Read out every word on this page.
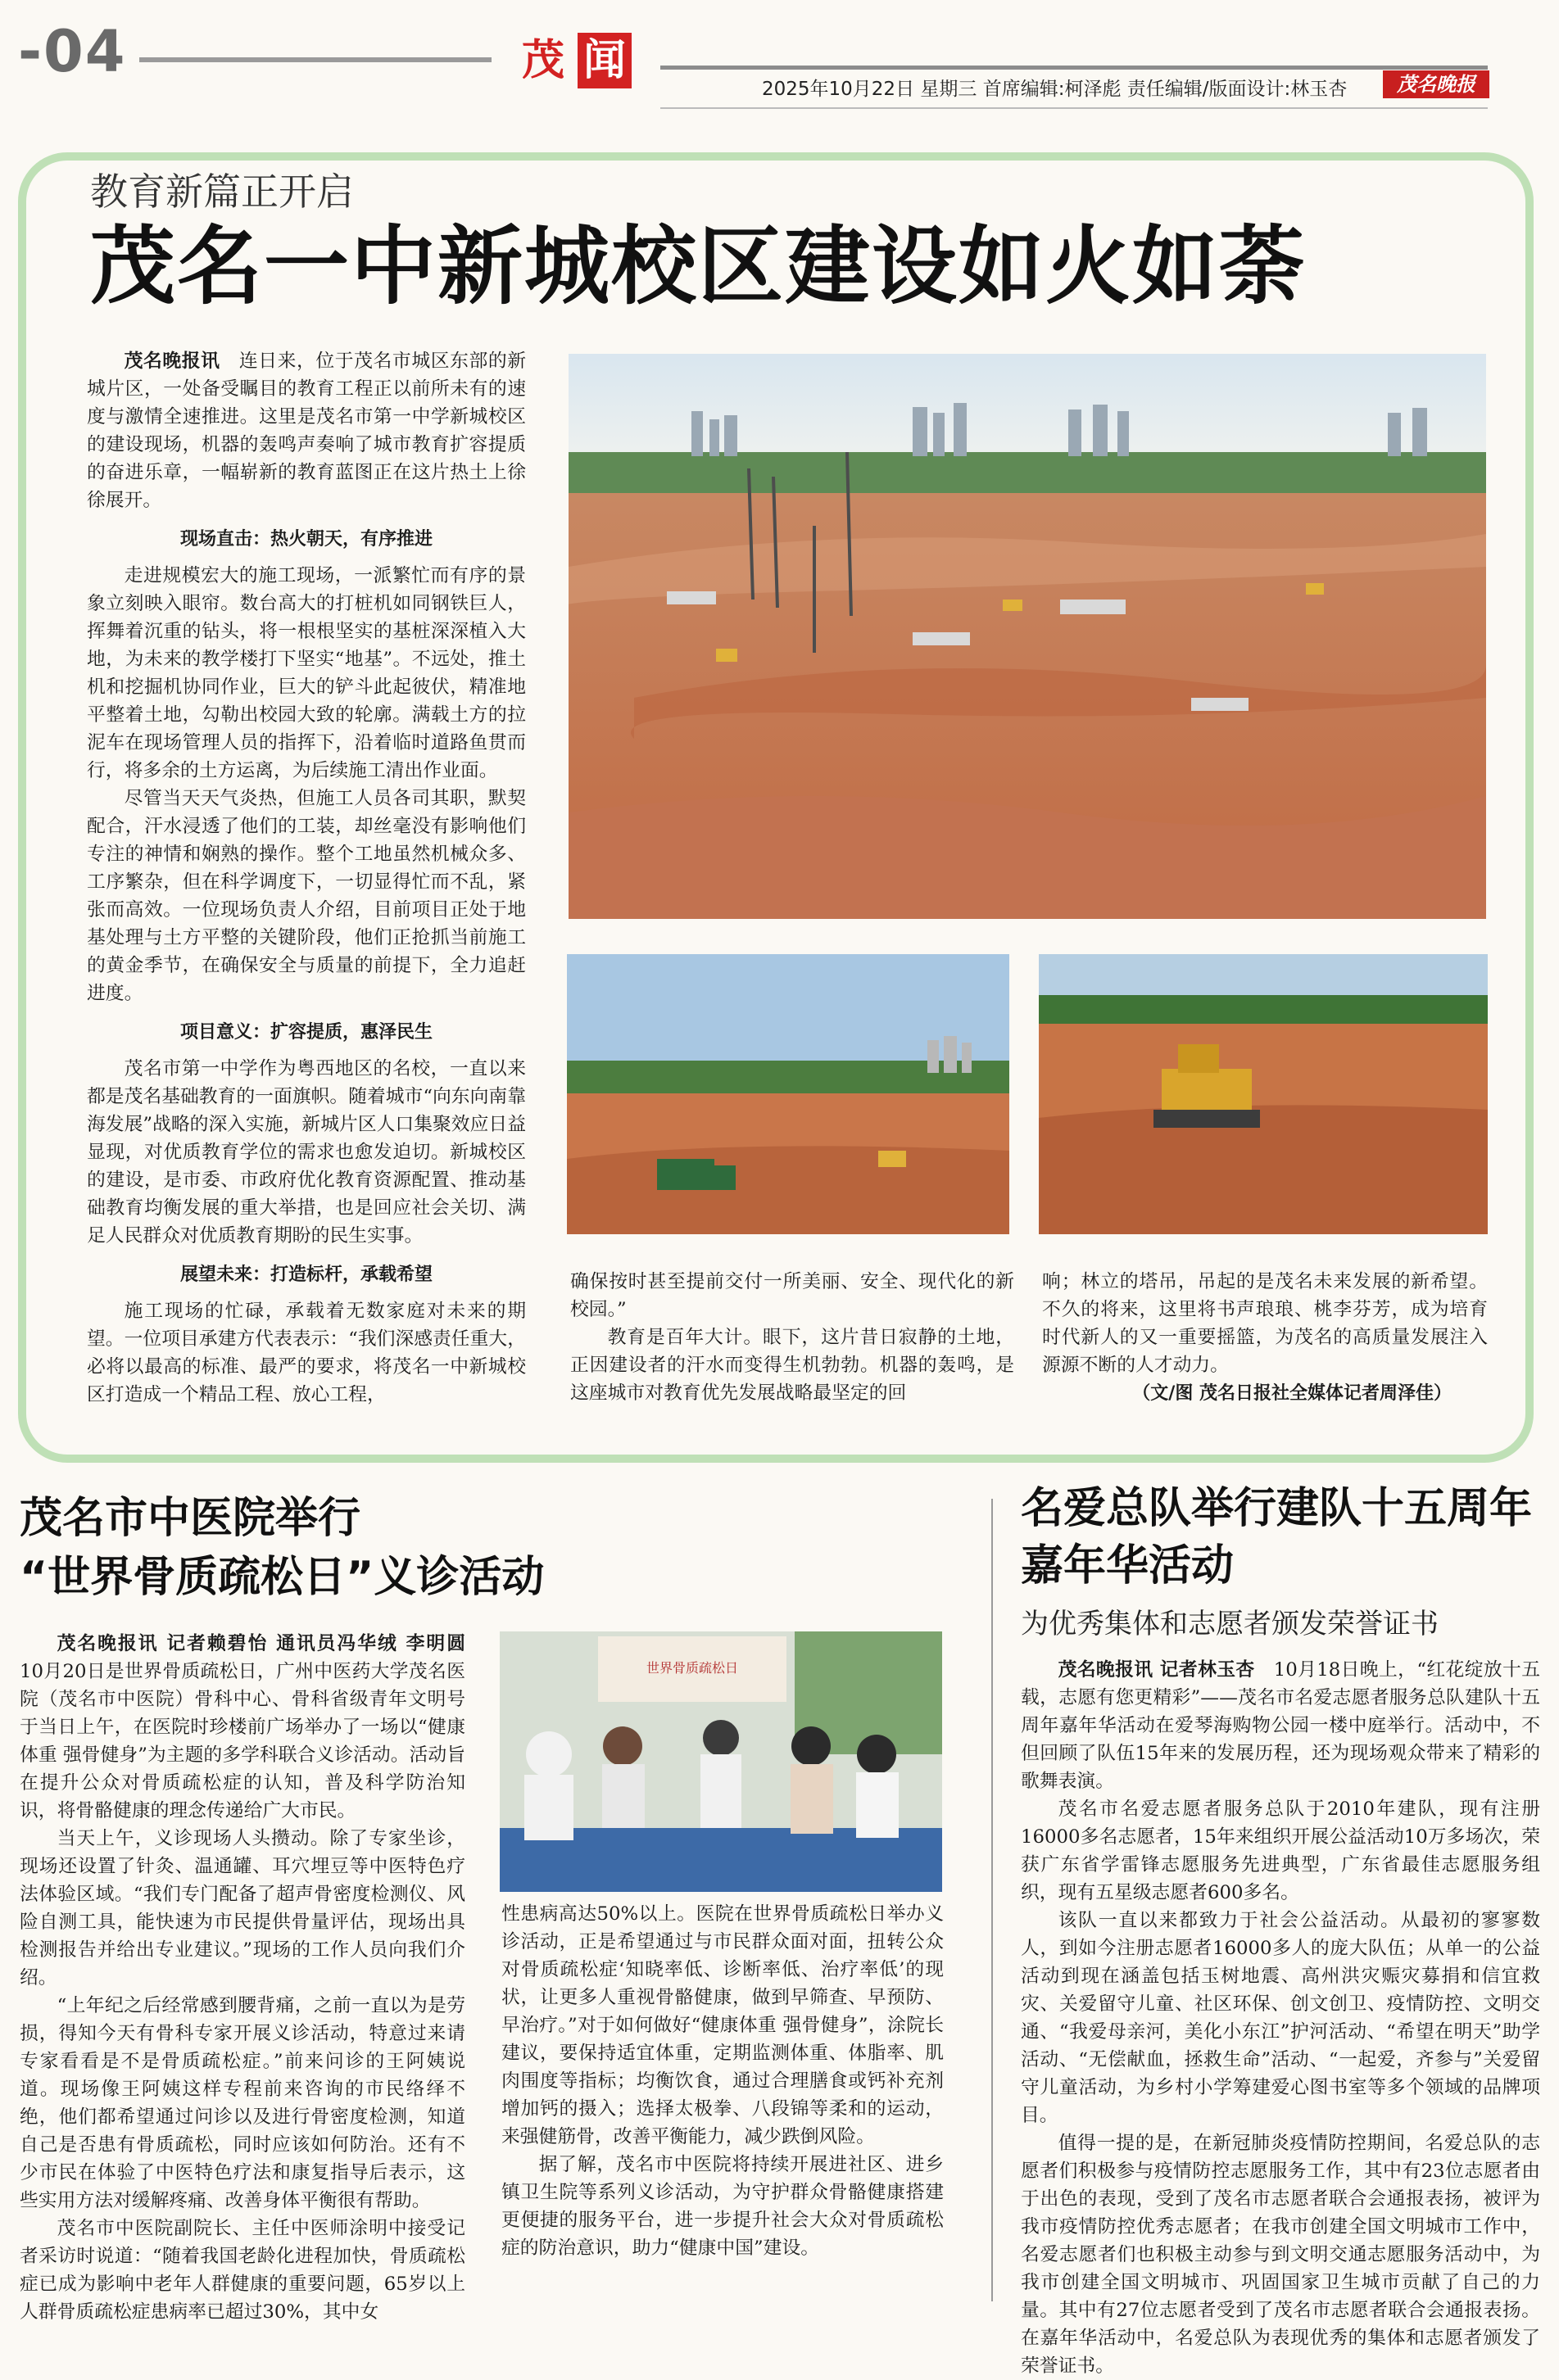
-04	茂 闻
2025年10月22日 星期三 首席编辑:柯泽彪 责任编辑/版面设计:林玉杏	茂名晚报
教育新篇正开启
茂名一中新城校区建设如火如荼

茂名晚报讯　 连日来，位于茂名市城区东部的新城片区，一处备受瞩目的教育工程正以前所未有的速度与激情全速推进。这里是茂名市第一中学新城校区的建设现场，机器的轰鸣声奏响了城市教育扩容提质的奋进乐章，一幅崭新的教育蓝图正在这片热土上徐徐展开。

现场直击：热火朝天，有序推进

走进规模宏大的施工现场，一派繁忙而有序的景象立刻映入眼帘。数台高大的打桩机如同钢铁巨人，挥舞着沉重的钻头，将一根根坚实的基桩深深植入大地，为未来的教学楼打下坚实“地基”。不远处，推土机和挖掘机协同作业，巨大的铲斗此起彼伏，精准地平整着土地，勾勒出校园大致的轮廓。满载土方的拉泥车在现场管理人员的指挥下，沿着临时道路鱼贯而行，将多余的土方运离，为后续施工清出作业面。

尽管当天天气炎热，但施工人员各司其职，默契配合，汗水浸透了他们的工装，却丝毫没有影响他们专注的神情和娴熟的操作。整个工地虽然机械众多、工序繁杂，但在科学调度下，一切显得忙而不乱，紧张而高效。一位现场负责人介绍，目前项目正处于地基处理与土方平整的关键阶段，他们正抢抓当前施工的黄金季节，在确保安全与质量的前提下，全力追赶进度。

项目意义：扩容提质，惠泽民生

茂名市第一中学作为粤西地区的名校，一直以来都是茂名基础教育的一面旗帜。随着城市“向东向南靠海发展”战略的深入实施，新城片区人口集聚效应日益显现，对优质教育学位的需求也愈发迫切。新城校区的建设，是市委、市政府优化教育资源配置、推动基础教育均衡发展的重大举措，也是回应社会关切、满足人民群众对优质教育期盼的民生实事。

展望未来：打造标杆，承载希望

施工现场的忙碌，承载着无数家庭对未来的期望。一位项目承建方代表表示：“我们深感责任重大，必将以最高的标准、最严的要求，将茂名一中新城校区打造成一个精品工程、放心工程，

确保按时甚至提前交付一所美丽、安全、现代化的新校园。”

教育是百年大计。眼下，这片昔日寂静的土地，正因建设者的汗水而变得生机勃勃。机器的轰鸣，是这座城市对教育优先发展战略最坚定的回

响；林立的塔吊，吊起的是茂名未来发展的新希望。不久的将来，这里将书声琅琅、桃李芬芳，成为培育时代新人的又一重要摇篮，为茂名的高质量发展注入源源不断的人才动力。

（文/图 茂名日报社全媒体记者周泽佳）
茂名市中医院举行
“世界骨质疏松日”义诊活动

茂名晚报讯 记者赖碧怡 通讯员冯华绒 李明圆　10月20日是世界骨质疏松日，广州中医药大学茂名医院（茂名市中医院）骨科中心、骨科省级青年文明号于当日上午，在医院时珍楼前广场举办了一场以“健康体重 强骨健身”为主题的多学科联合义诊活动。活动旨在提升公众对骨质疏松症的认知，普及科学防治知识，将骨骼健康的理念传递给广大市民。

当天上午，义诊现场人头攒动。除了专家坐诊，现场还设置了针灸、温通罐、耳穴埋豆等中医特色疗法体验区域。“我们专门配备了超声骨密度检测仪、风险自测工具，能快速为市民提供骨量评估，现场出具检测报告并给出专业建议。”现场的工作人员向我们介绍。

“上年纪之后经常感到腰背痛，之前一直以为是劳损，得知今天有骨科专家开展义诊活动，特意过来请专家看看是不是骨质疏松症。”前来问诊的王阿姨说道。现场像王阿姨这样专程前来咨询的市民络绎不绝，他们都希望通过问诊以及进行骨密度检测，知道自己是否患有骨质疏松，同时应该如何防治。还有不少市民在体验了中医特色疗法和康复指导后表示，这些实用方法对缓解疼痛、改善身体平衡很有帮助。

茂名市中医院副院长、主任中医师涂明中接受记者采访时说道：“随着我国老龄化进程加快，骨质疏松症已成为影响中老年人群健康的重要问题，65岁以上人群骨质疏松症患病率已超过30%，其中女

世界骨质疏松日

性患病高达50%以上。医院在世界骨质疏松日举办义诊活动，正是希望通过与市民群众面对面，扭转公众对骨质疏松症‘知晓率低、诊断率低、治疗率低’的现状，让更多人重视骨骼健康，做到早筛查、早预防、早治疗。”对于如何做好“健康体重 强骨健身”，涂院长建议，要保持适宜体重，定期监测体重、体脂率、肌肉围度等指标；均衡饮食，通过合理膳食或钙补充剂增加钙的摄入；选择太极拳、八段锦等柔和的运动，来强健筋骨，改善平衡能力，减少跌倒风险。

据了解，茂名市中医院将持续开展进社区、进乡镇卫生院等系列义诊活动，为守护群众骨骼健康搭建更便捷的服务平台，进一步提升社会大众对骨质疏松症的防治意识，助力“健康中国”建设。

名爱总队举行建队十五周年
嘉年华活动
为优秀集体和志愿者颁发荣誉证书

茂名晚报讯 记者林玉杏　 10月18日晚上，“红花绽放十五载，志愿有您更精彩”——茂名市名爱志愿者服务总队建队十五周年嘉年华活动在爱琴海购物公园一楼中庭举行。活动中，不但回顾了队伍15年来的发展历程，还为现场观众带来了精彩的歌舞表演。

茂名市名爱志愿者服务总队于2010年建队，现有注册16000多名志愿者，15年来组织开展公益活动10万多场次，荣获广东省学雷锋志愿服务先进典型，广东省最佳志愿服务组织，现有五星级志愿者600多名。

该队一直以来都致力于社会公益活动。从最初的寥寥数人，到如今注册志愿者16000多人的庞大队伍；从单一的公益活动到现在涵盖包括玉树地震、高州洪灾赈灾募捐和信宜救灾、关爱留守儿童、社区环保、创文创卫、疫情防控、文明交通、“我爱母亲河，美化小东江”护河活动、“希望在明天”助学活动、“无偿献血，拯救生命”活动、“一起爱，齐参与”关爱留守儿童活动，为乡村小学筹建爱心图书室等多个领域的品牌项目。

值得一提的是，在新冠肺炎疫情防控期间，名爱总队的志愿者们积极参与疫情防控志愿服务工作，其中有23位志愿者由于出色的表现，受到了茂名市志愿者联合会通报表扬，被评为我市疫情防控优秀志愿者；在我市创建全国文明城市工作中，名爱志愿者们也积极主动参与到文明交通志愿服务活动中，为我市创建全国文明城市、巩固国家卫生城市贡献了自己的力量。其中有27位志愿者受到了茂名市志愿者联合会通报表扬。在嘉年华活动中，名爱总队为表现优秀的集体和志愿者颁发了荣誉证书。
